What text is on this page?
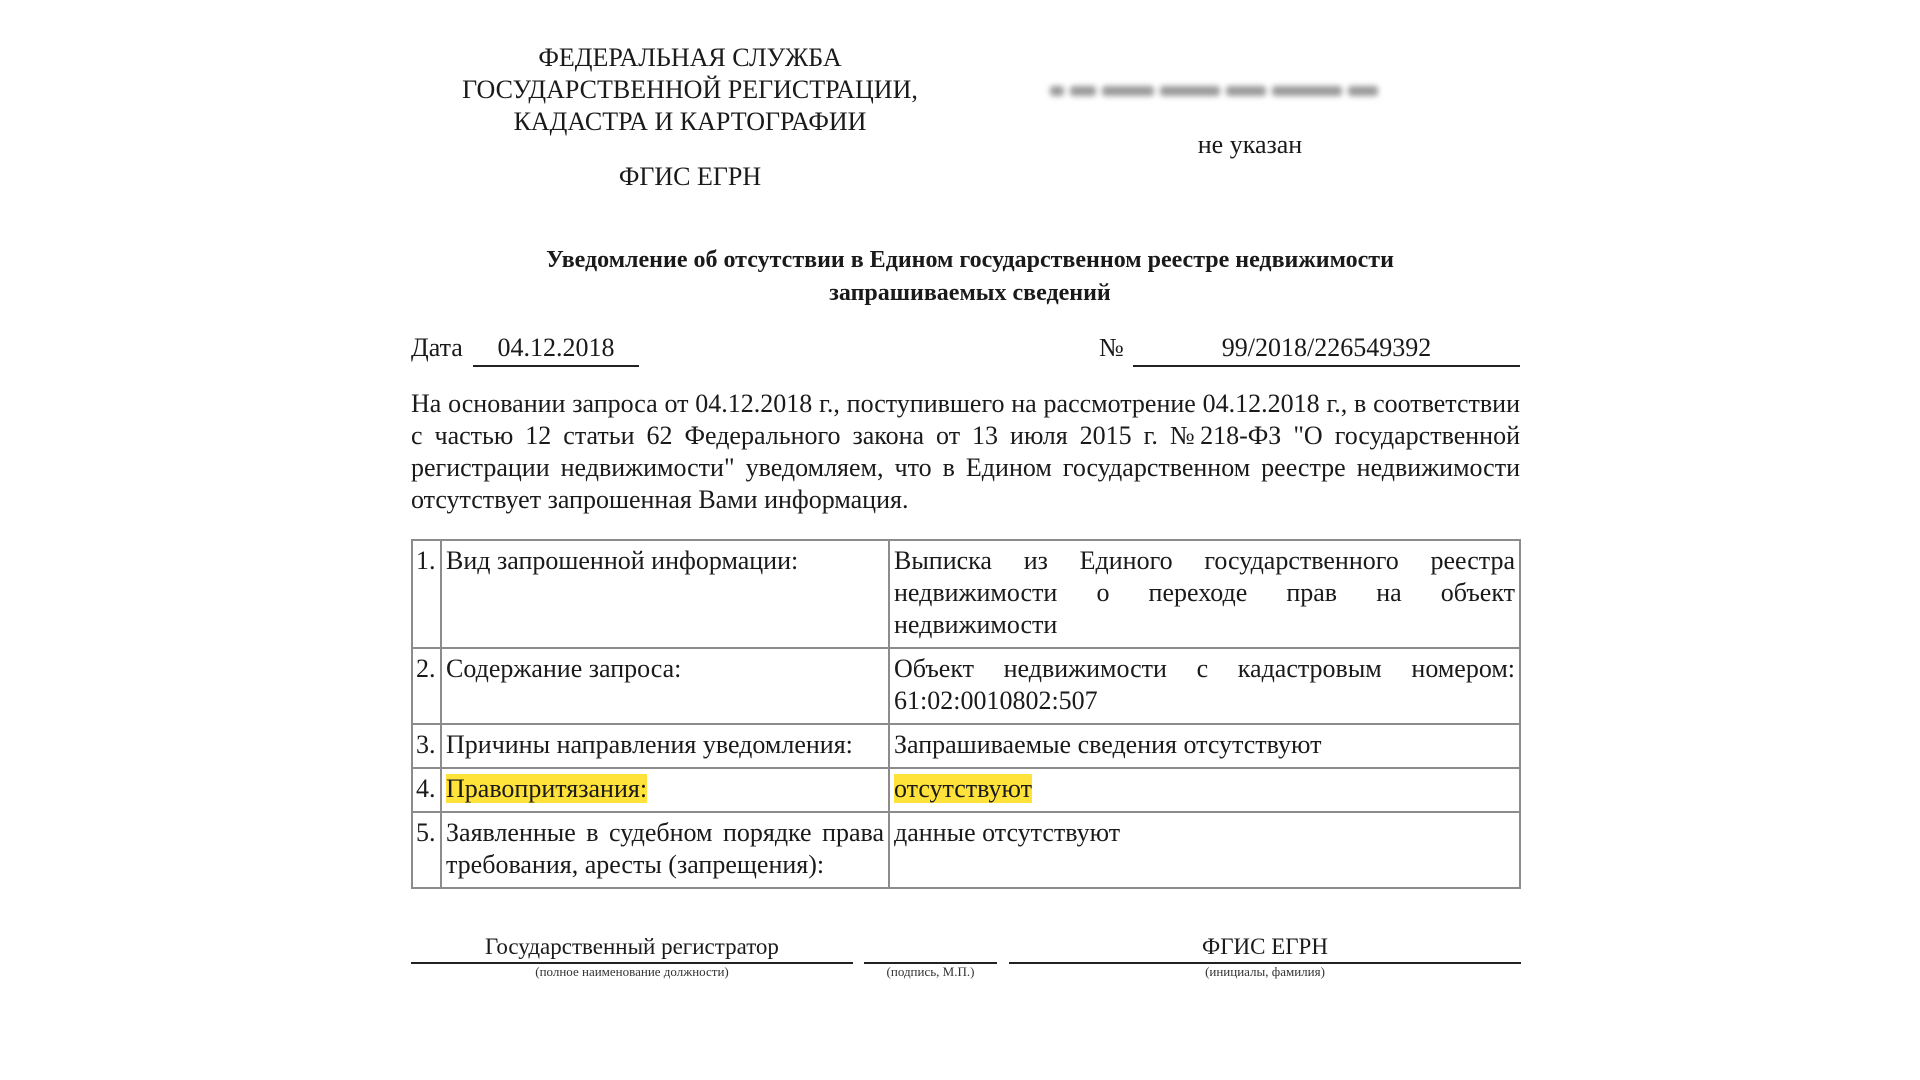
ФЕДЕРАЛЬНАЯ СЛУЖБА
ГОСУДАРСТВЕННОЙ РЕГИСТРАЦИИ,
КАДАСТРА И КАРТОГРАФИИ
ФГИС ЕГРН
не указан
Уведомление об отсутствии в Едином государственном реестре недвижимости
запрашиваемых сведений
Дата	04.12.2018	№	99/2018/226549392
На основании запроса от 04.12.2018 г., поступившего на рассмотрение 04.12.2018 г., в соответствии с частью 12 статьи 62 Федерального закона от 13 июля 2015 г. №218-ФЗ "О государственной регистрации недвижимости" уведомляем, что в Едином государственном реестре недвижимости отсутствует запрошенная Вами информация.
1.	Вид запрошенной информации:	Выписка из Единого государственного реестра недвижимости о переходе прав на объект недвижимости
2.	Содержание запроса:	Объект недвижимости с кадастровым номером: 61:02:0010802:507
3.	Причины направления уведомления:	Запрашиваемые сведения отсутствуют
4.	Правопритязания:	отсутствуют
5.	Заявленные в судебном порядке права требования, аресты (запрещения):	данные отсутствуют
Государственный регистратор	ФГИС ЕГРН
(полное наименование должности)	(подпись, М.П.)	(инициалы, фамилия)
